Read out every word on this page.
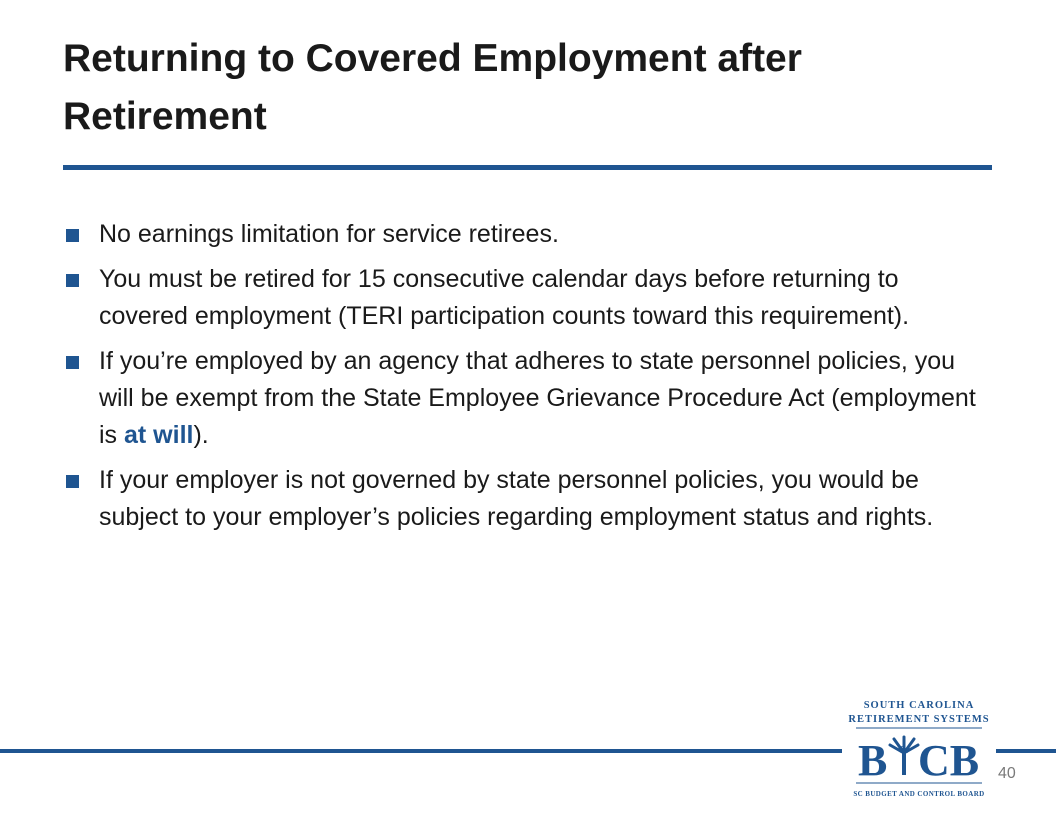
Returning to Covered Employment after Retirement
No earnings limitation for service retirees.
You must be retired for 15 consecutive calendar days before returning to covered employment (TERI participation counts toward this requirement).
If you’re employed by an agency that adheres to state personnel policies, you will be exempt from the State Employee Grievance Procedure Act (employment is at will).
If your employer is not governed by state personnel policies, you would be subject to your employer’s policies regarding employment status and rights.
SOUTH CAROLINA
RETIREMENT SYSTEMS
B & CB
SC BUDGET AND CONTROL BOARD
40
